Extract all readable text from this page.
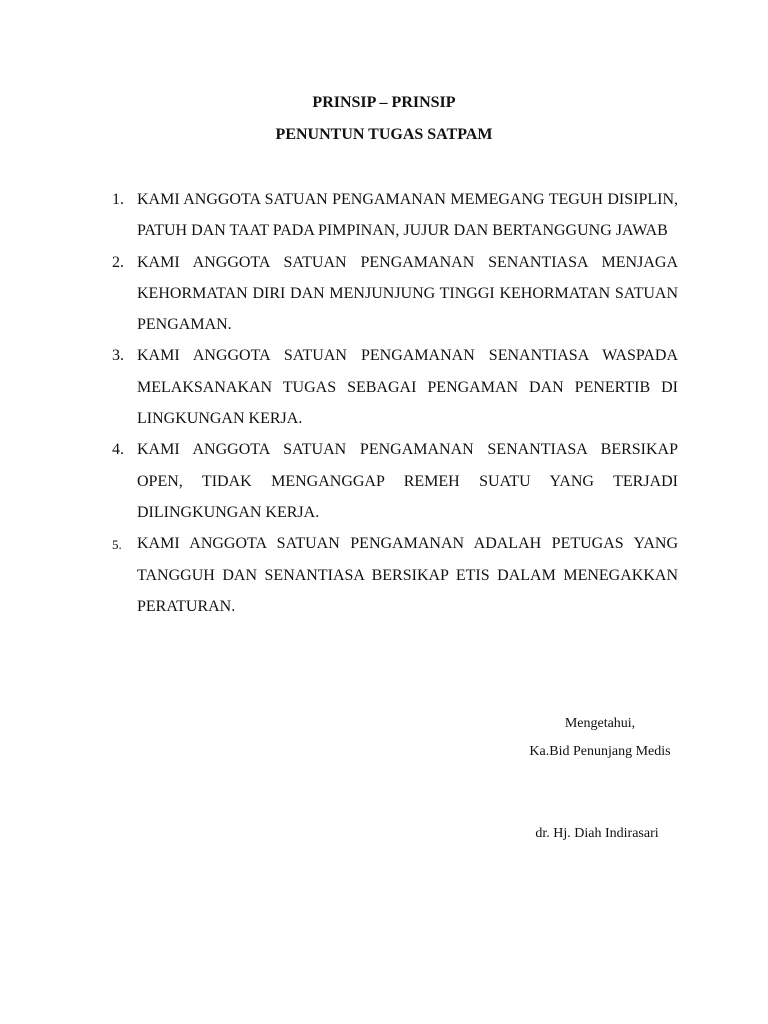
PRINSIP – PRINSIP
PENUNTUN TUGAS SATPAM
1. KAMI ANGGOTA SATUAN PENGAMANAN MEMEGANG TEGUH DISIPLIN, PATUH DAN TAAT PADA PIMPINAN, JUJUR DAN BERTANGGUNG JAWAB
2. KAMI ANGGOTA SATUAN PENGAMANAN SENANTIASA MENJAGA KEHORMATAN DIRI DAN MENJUNJUNG TINGGI KEHORMATAN SATUAN PENGAMAN.
3. KAMI ANGGOTA SATUAN PENGAMANAN SENANTIASA WASPADA MELAKSANAKAN TUGAS SEBAGAI PENGAMAN DAN PENERTIB DI LINGKUNGAN KERJA.
4. KAMI ANGGOTA SATUAN PENGAMANAN SENANTIASA BERSIKAP OPEN, TIDAK MENGANGGAP REMEH SUATU YANG TERJADI DILINGKUNGAN KERJA.
5. KAMI ANGGOTA SATUAN PENGAMANAN ADALAH PETUGAS YANG TANGGUH DAN SENANTIASA BERSIKAP ETIS DALAM MENEGAKKAN PERATURAN.
Mengetahui,
Ka.Bid Penunjang Medis
dr. Hj. Diah Indirasari
